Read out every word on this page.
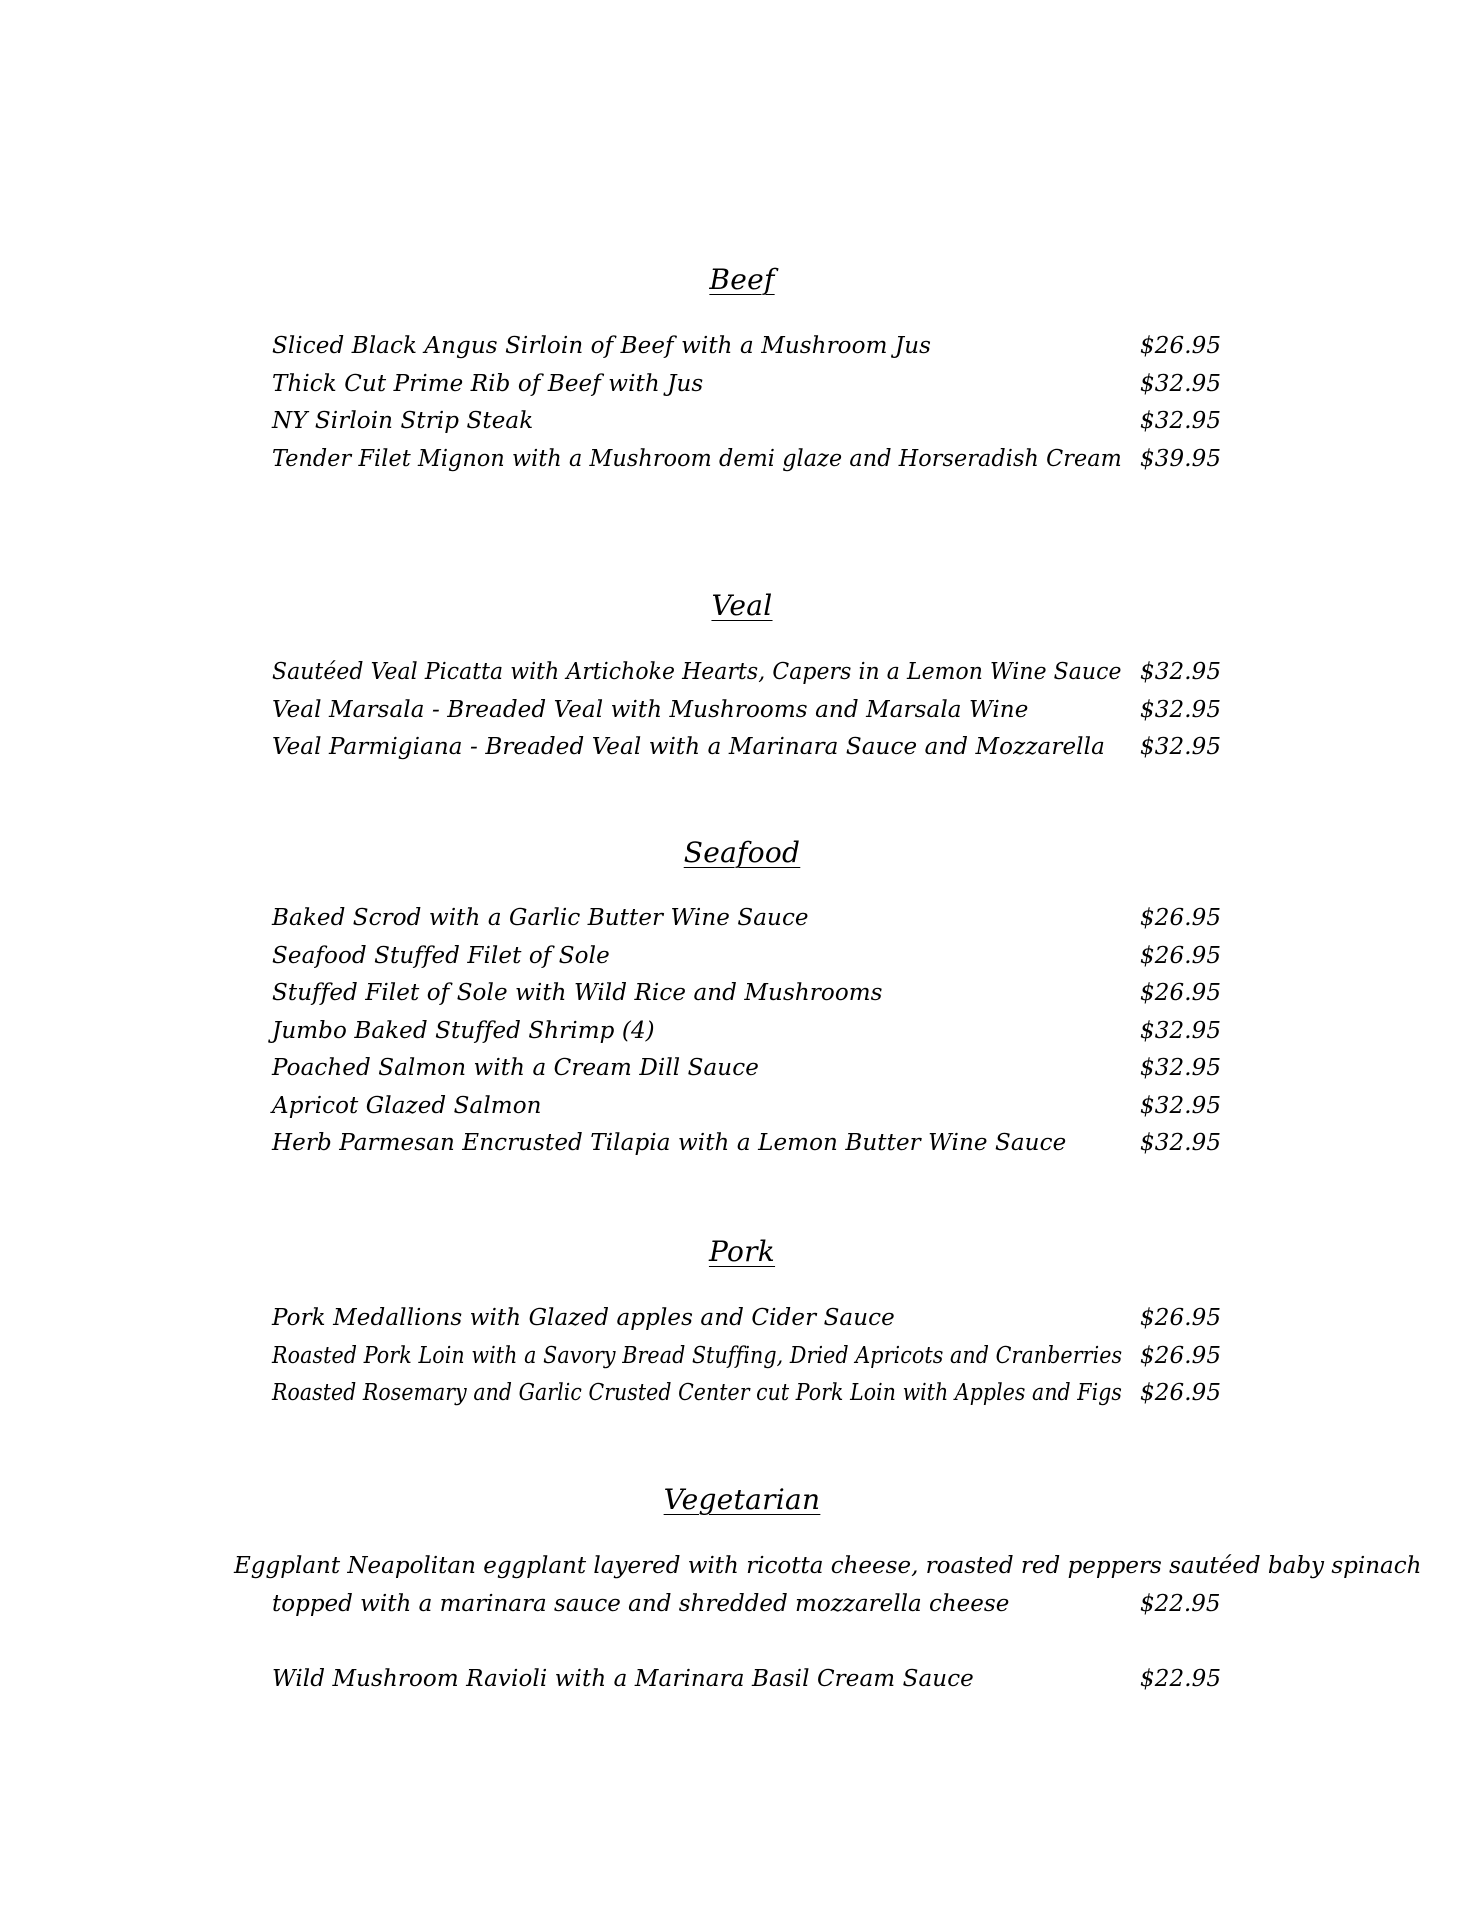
Beef
Sliced Black Angus Sirloin of Beef with a Mushroom Jus	$26.95
Thick Cut Prime Rib of Beef with Jus	$32.95
NY Sirloin Strip Steak	$32.95
Tender Filet Mignon with a Mushroom demi glaze and Horseradish Cream $39.95
Veal
Sautéed Veal Picatta with Artichoke Hearts, Capers in a Lemon Wine Sauce $32.95
Veal Marsala - Breaded Veal with Mushrooms and Marsala Wine	$32.95
Veal Parmigiana - Breaded Veal with a Marinara Sauce and Mozzarella $32.95
Seafood
Baked Scrod with a Garlic Butter Wine Sauce	$26.95
Seafood Stuffed Filet of Sole	$26.95
Stuffed Filet of Sole with Wild Rice and Mushrooms	$26.95
Jumbo Baked Stuffed Shrimp (4)	$32.95
Poached Salmon with a Cream Dill Sauce	$32.95
Apricot Glazed Salmon	$32.95
Herb Parmesan Encrusted Tilapia with a Lemon Butter Wine Sauce	$32.95
Pork
Pork Medallions with Glazed apples and Cider Sauce	$26.95
Roasted Pork Loin with a Savory Bread Stuffing, Dried Apricots and Cranberries $26.95
Roasted Rosemary and Garlic Crusted Center cut Pork Loin with Apples and Figs $26.95
Vegetarian
Eggplant Neapolitan eggplant layered with ricotta cheese, roasted red peppers sautéed baby spinach
topped with a marinara sauce and shredded mozzarella cheese	$22.95
Wild Mushroom Ravioli with a Marinara Basil Cream Sauce	$22.95
